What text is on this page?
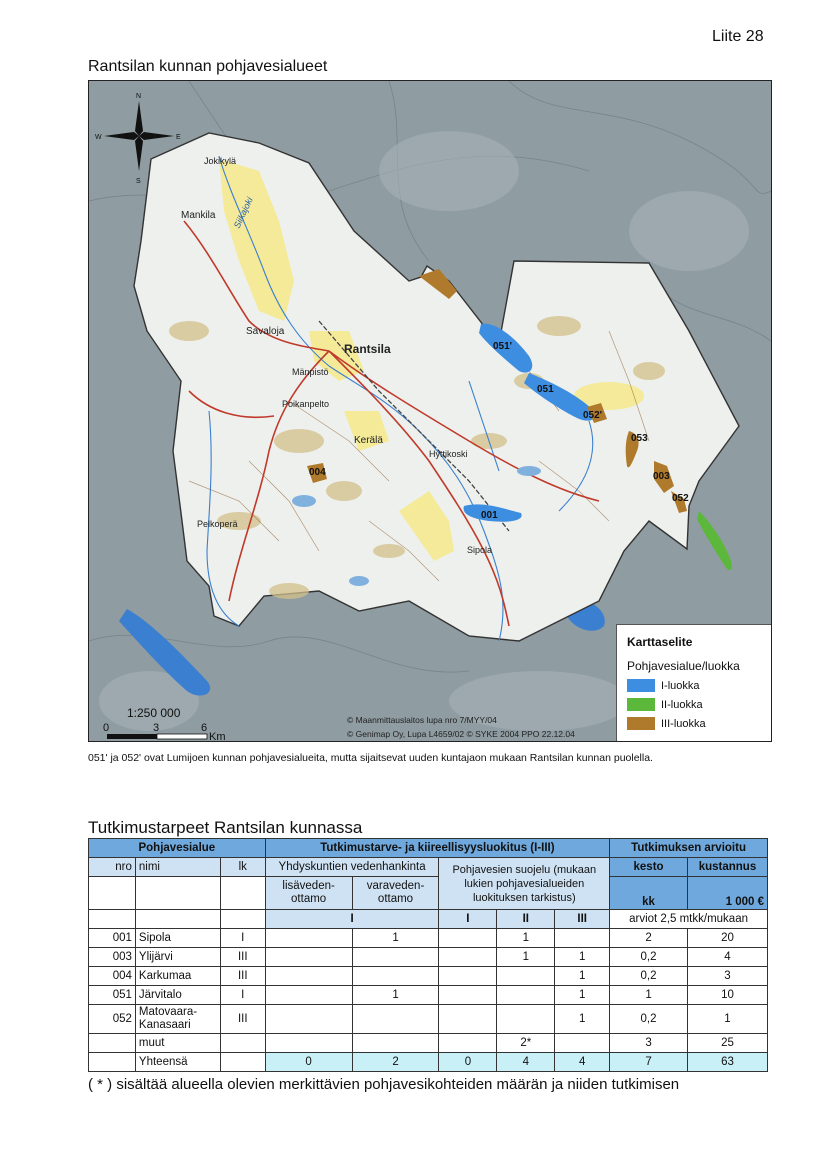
Liite 28
Rantsilan kunnan pohjavesialueet
N
S
E
W
051'
051
052'
053
003
052
004
001
Jokikylä
Mankila
Savaloja
Rantsila
Mänpistö
Poikanpelto
Kerälä
Hyttikoski
Pelkoperä
Sipola
Siikajoki
1:250 000
0	3	6
Km
© Maanmittauslaitos lupa nro 7/MYY/04
© Genimap Oy, Lupa L4659/02 © SYKE 2004 PPO 22.12.04
Karttaselite
Pohjavesialue/luokka
I-luokka
II-luokka
III-luokka
051' ja 052' ovat Lumijoen kunnan pohjavesialueita, mutta sijaitsevat uuden kuntajaon mukaan Rantsilan kunnan puolella.
Tutkimustarpeet Rantsilan kunnassa
Pohjavesialue			Tutkimustarve- ja kiireellisyysluokitus (I-III)					Tutkimuksen arvioitu	
nro	nimi	lk	Yhdyskuntien vedenhankinta		Pohjavesien suojelu (mukaan lukien pohjavesialueiden luokituksen tarkistus)			kesto	kustannus
			lisäveden-ottamo	varaveden-ottamo				kk	1 000 €
			I		I	II	III	arviot 2,5 mtkk/mukaan	
001	Sipola	I		1		1		2	20
003	Ylijärvi	III				1	1	0,2	4
004	Karkumaa	III					1	0,2	3
051	Järvitalo	I		1			1	1	10
052	Matovaara-Kanasaari	III					1	0,2	1
	muut					2*		3	25
	Yhteensä		0	2	0	4	4	7	63
( * ) sisältää alueella olevien merkittävien pohjavesikohteiden määrän ja niiden tutkimisen
